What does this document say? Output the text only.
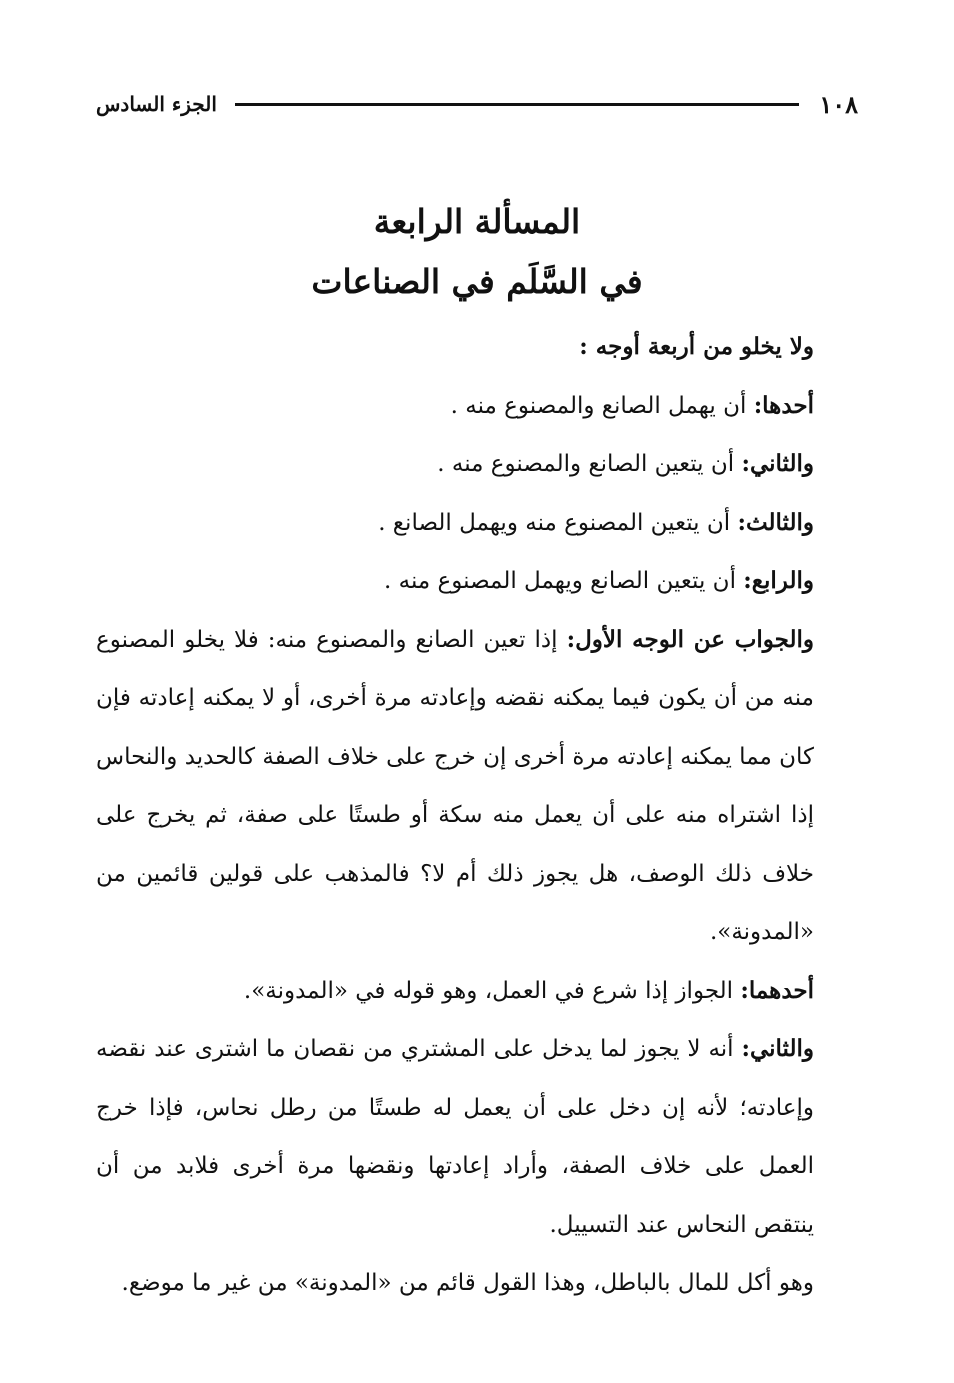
١٠٨
الجزء السادس
المسألة الرابعة
في السَّلَم في الصناعات

ولا يخلو من أربعة أوجه :

أحدها: أن يهمل الصانع والمصنوع منه .

والثاني: أن يتعين الصانع والمصنوع منه .

والثالث: أن يتعين المصنوع منه ويهمل الصانع .

والرابع: أن يتعين الصانع ويهمل المصنوع منه .

والجواب عن الوجه الأول: إذا تعين الصانع والمصنوع منه: فلا يخلو المصنوع منه من أن يكون فيما يمكنه نقضه وإعادته مرة أخرى، أو لا يمكنه إعادته فإن كان مما يمكنه إعادته مرة أخرى إن خرج على خلاف الصفة كالحديد والنحاس إذا اشتراه منه على أن يعمل منه سكة أو طستًا على صفة، ثم يخرج على خلاف ذلك الوصف، هل يجوز ذلك أم لا؟ فالمذهب على قولين قائمين من «المدونة».

أحدهما: الجواز إذا شرع في العمل، وهو قوله في «المدونة».

والثاني: أنه لا يجوز لما يدخل على المشتري من نقصان ما اشترى عند نقضه وإعادته؛ لأنه إن دخل على أن يعمل له طستًا من رطل نحاس، فإذا خرج العمل على خلاف الصفة، وأراد إعادتها ونقضها مرة أخرى فلابد من أن ينتقص النحاس عند التسييل.

وهو أكل للمال بالباطل، وهذا القول قائم من «المدونة» من غير ما موضع.
